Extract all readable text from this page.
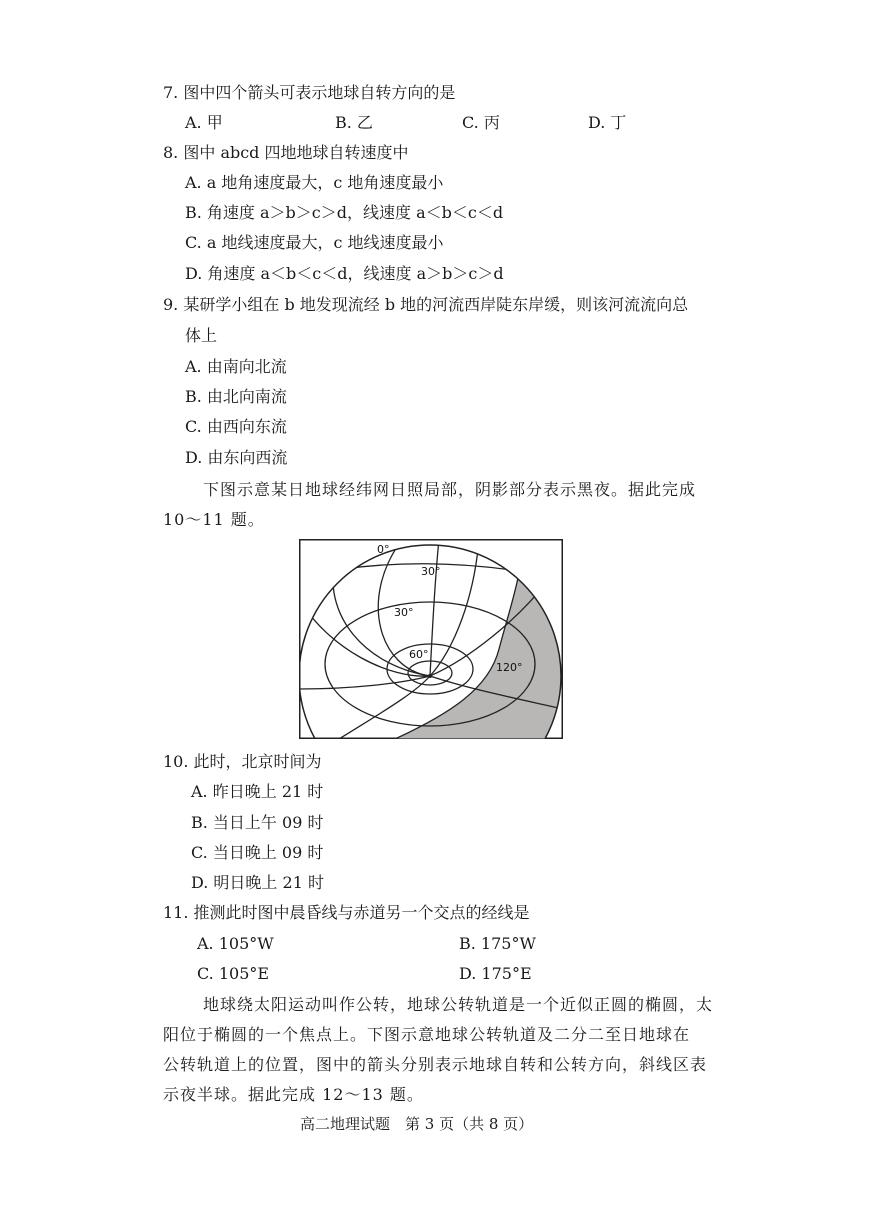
7. 图中四个箭头可表示地球自转方向的是
A. 甲	B. 乙	C. 丙	D. 丁
8. 图中 abcd 四地地球自转速度中
A. a 地角速度最大，c 地角速度最小
B. 角速度 a＞b＞c＞d，线速度 a＜b＜c＜d
C. a 地线速度最大，c 地线速度最小
D. 角速度 a＜b＜c＜d，线速度 a＞b＞c＞d
9. 某研学小组在 b 地发现流经 b 地的河流西岸陡东岸缓，则该河流流向总
体上
A. 由南向北流
B. 由北向南流
C. 由西向东流
D. 由东向西流
下图示意某日地球经纬网日照局部，阴影部分表示黑夜。据此完成
10～11 题。
0°
30°
30°
60°
120°
10. 此时，北京时间为
A. 昨日晚上 21 时
B. 当日上午 09 时
C. 当日晚上 09 时
D. 明日晚上 21 时
11. 推测此时图中晨昏线与赤道另一个交点的经线是
A. 105°W	B. 175°W
C. 105°E	D. 175°E
地球绕太阳运动叫作公转，地球公转轨道是一个近似正圆的椭圆，太
阳位于椭圆的一个焦点上。下图示意地球公转轨道及二分二至日地球在
公转轨道上的位置，图中的箭头分别表示地球自转和公转方向，斜线区表
示夜半球。据此完成 12～13 题。
高二地理试题　第 3 页（共 8 页）
